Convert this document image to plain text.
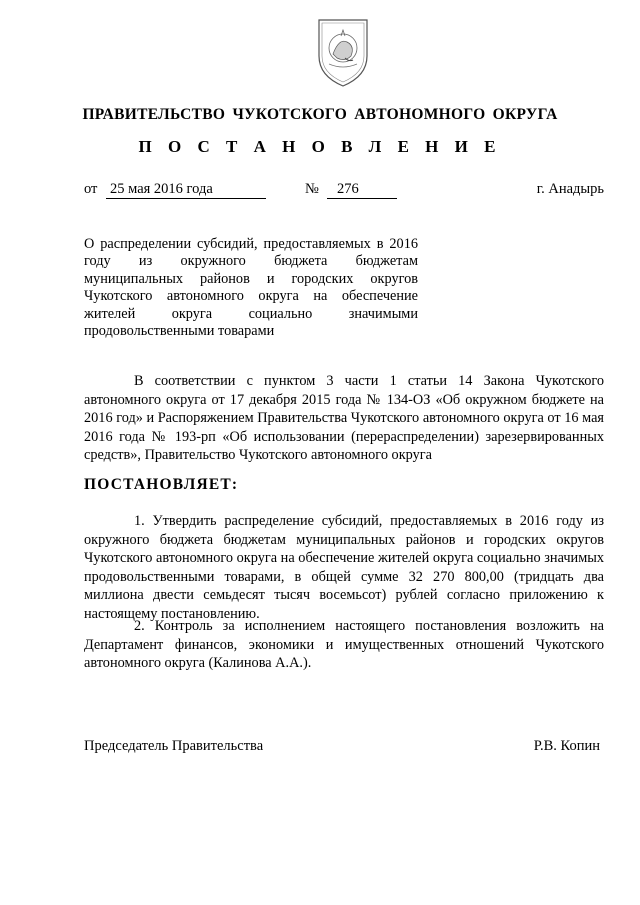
ПРАВИТЕЛЬСТВО ЧУКОТСКОГО АВТОНОМНОГО ОКРУГА
П О С Т А Н О В Л Е Н И Е
от 25 мая 2016 года	№	276	г. Анадырь
О распределении субсидий, предоставляемых в 2016 году из окружного бюджета бюджетам муниципальных районов и городских округов Чукотского автономного округа на обеспечение жителей округа социально значимыми продовольственными товарами
В соответствии с пунктом 3 части 1 статьи 14 Закона Чукотского автономного округа от 17 декабря 2015 года № 134-ОЗ «Об окружном бюджете на 2016 год» и Распоряжением Правительства Чукотского автономного округа от 16 мая 2016 года № 193-рп «Об использовании (перераспределении) зарезервированных средств», Правительство Чукотского автономного округа
ПОСТАНОВЛЯЕТ:
1. Утвердить распределение субсидий, предоставляемых в 2016 году из окружного бюджета бюджетам муниципальных районов и городских округов Чукотского автономного округа на обеспечение жителей округа социально значимых продовольственными товарами, в общей сумме 32 270 800,00 (тридцать два миллиона двести семьдесят тысяч восемьсот) рублей согласно приложению к настоящему постановлению.
2. Контроль за исполнением настоящего постановления возложить на Департамент финансов, экономики и имущественных отношений Чукотского автономного округа (Калинова А.А.).
Председатель Правительства	Р.В. Копин
